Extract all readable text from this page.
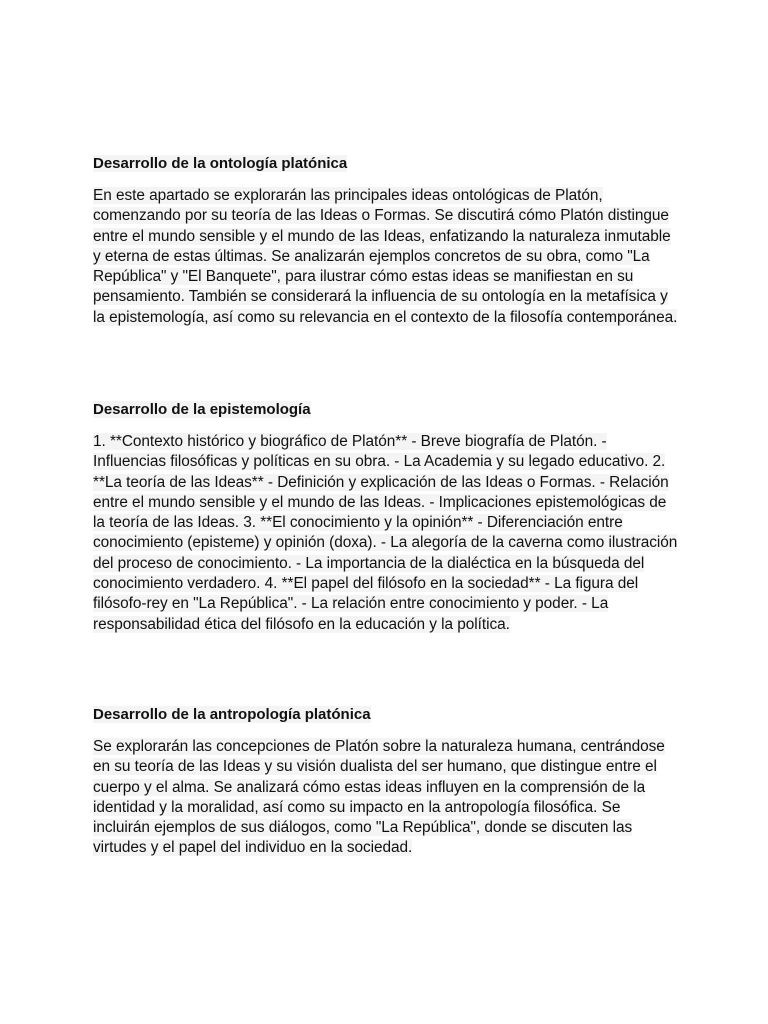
Desarrollo de la ontología platónica

En este apartado se explorarán las principales ideas ontológicas de Platón, comenzando por su teoría de las Ideas o Formas. Se discutirá cómo Platón distingue entre el mundo sensible y el mundo de las Ideas, enfatizando la naturaleza inmutable y eterna de estas últimas. Se analizarán ejemplos concretos de su obra, como "La República" y "El Banquete", para ilustrar cómo estas ideas se manifiestan en su pensamiento. También se considerará la influencia de su ontología en la metafísica y la epistemología, así como su relevancia en el contexto de la filosofía contemporánea.

Desarrollo de la epistemología

1. **Contexto histórico y biográfico de Platón** - Breve biografía de Platón. - Influencias filosóficas y políticas en su obra. - La Academia y su legado educativo. 2. **La teoría de las Ideas** - Definición y explicación de las Ideas o Formas. - Relación entre el mundo sensible y el mundo de las Ideas. - Implicaciones epistemológicas de la teoría de las Ideas. 3. **El conocimiento y la opinión** - Diferenciación entre conocimiento (episteme) y opinión (doxa). - La alegoría de la caverna como ilustración del proceso de conocimiento. - La importancia de la dialéctica en la búsqueda del conocimiento verdadero. 4. **El papel del filósofo en la sociedad** - La figura del filósofo-rey en "La República". - La relación entre conocimiento y poder. - La responsabilidad ética del filósofo en la educación y la política.

Desarrollo de la antropología platónica

Se explorarán las concepciones de Platón sobre la naturaleza humana, centrándose en su teoría de las Ideas y su visión dualista del ser humano, que distingue entre el cuerpo y el alma. Se analizará cómo estas ideas influyen en la comprensión de la identidad y la moralidad, así como su impacto en la antropología filosófica. Se incluirán ejemplos de sus diálogos, como "La República", donde se discuten las virtudes y el papel del individuo en la sociedad.
